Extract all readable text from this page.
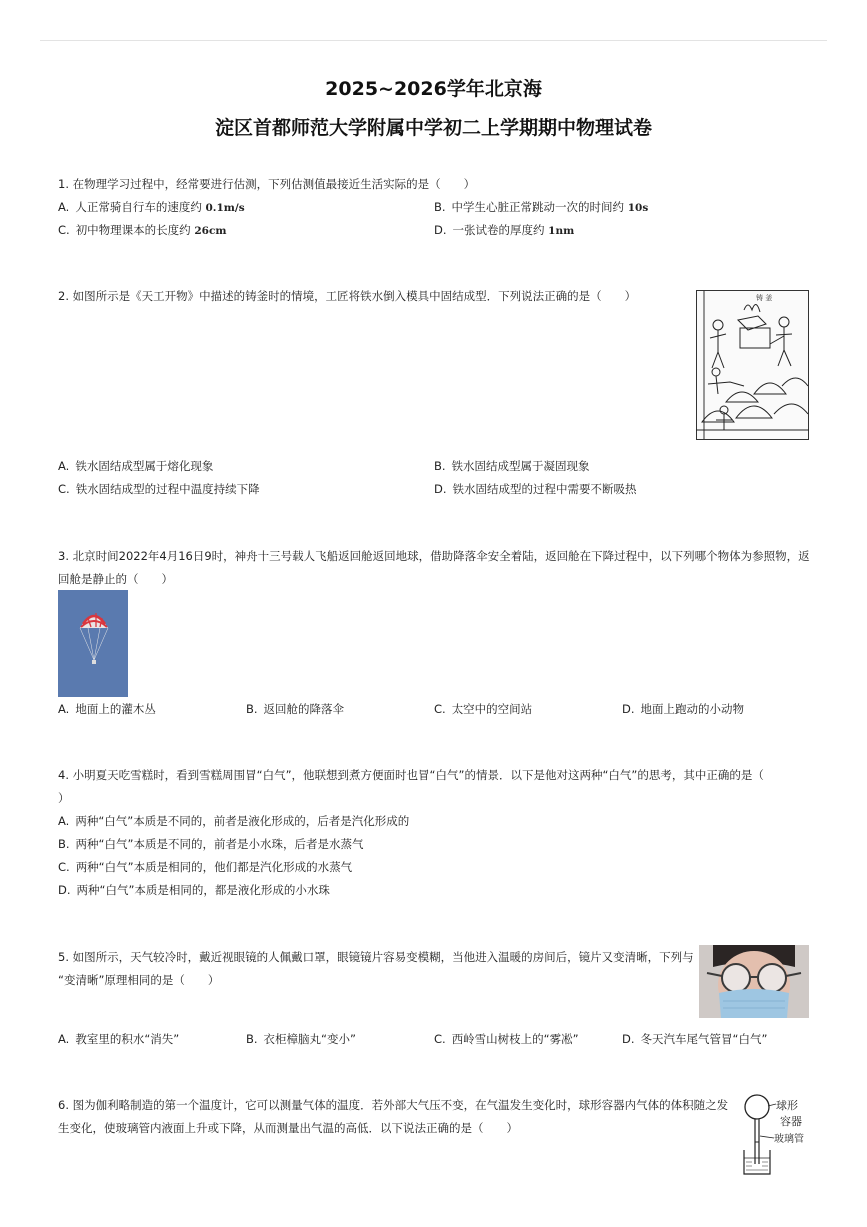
2025~2026学年北京海
淀区首都师范大学附属中学初二上学期期中物理试卷
1. 在物理学习过程中，经常要进行估测，下列估测值最接近生活实际的是（　　）
A. 人正常骑自行车的速度约 0.1m/s	B. 中学生心脏正常跳动一次的时间约 10s
C. 初中物理课本的长度约 26cm	D. 一张试卷的厚度约 1nm
2. 如图所示是《天工开物》中描述的铸釜时的情境，工匠将铁水倒入模具中固结成型．下列说法正确的是（　　）	铸 釜
A. 铁水固结成型属于熔化现象	B. 铁水固结成型属于凝固现象
C. 铁水固结成型的过程中温度持续下降	D. 铁水固结成型的过程中需要不断吸热
3. 北京时间2022年4月16日9时，神舟十三号载人飞船返回舱返回地球，借助降落伞安全着陆，返回舱在下降过程中，以下列哪个物体为参照物，返
回舱是静止的（　　）
A. 地面上的灌木丛	B. 返回舱的降落伞	C. 太空中的空间站	D. 地面上跑动的小动物
4. 小明夏天吃雪糕时，看到雪糕周围冒“白气”，他联想到煮方便面时也冒“白气”的情景．以下是他对这两种“白气”的思考，其中正确的是（
）
A. 两种“白气”本质是不同的，前者是液化形成的，后者是汽化形成的
B. 两种“白气”本质是不同的，前者是小水珠，后者是水蒸气
C. 两种“白气”本质是相同的，他们都是汽化形成的水蒸气
D. 两种“白气”本质是相同的，都是液化形成的小水珠
5. 如图所示，天气较冷时，戴近视眼镜的人佩戴口罩，眼镜镜片容易变模糊，当他进入温暖的房间后，镜片又变清晰，下列与
“变清晰”原理相同的是（　　）
A. 教室里的积水“消失”	B. 衣柜樟脑丸“变小”	C. 西岭雪山树枝上的“雾凇”	D. 冬天汽车尾气管冒“白气”
6. 图为伽利略制造的第一个温度计，它可以测量气体的温度．若外部大气压不变，在气温发生变化时，球形容器内气体的体积随之发
生变化，使玻璃管内液面上升或下降，从而测量出气温的高低．以下说法正确的是（　　）
球形
容器
玻璃管
